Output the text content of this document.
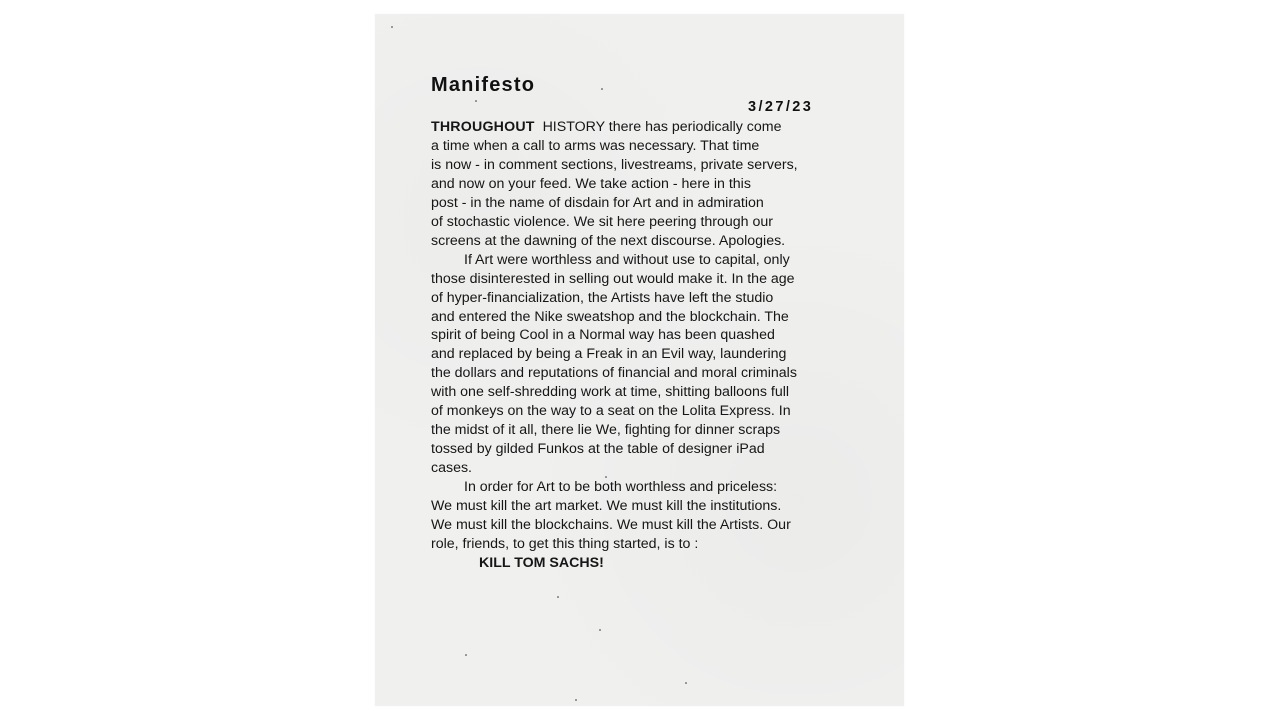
Manifesto
3/27/23
THROUGHOUT HISTORY there has periodically come
a time when a call to arms was necessary. That time
is now - in comment sections, livestreams, private servers,
and now on your feed. We take action - here in this
post - in the name of disdain for Art and in admiration
of stochastic violence. We sit here peering through our
screens at the dawning of the next discourse. Apologies.
If Art were worthless and without use to capital, only
those disinterested in selling out would make it. In the age
of hyper-financialization, the Artists have left the studio
and entered the Nike sweatshop and the blockchain. The
spirit of being Cool in a Normal way has been quashed
and replaced by being a Freak in an Evil way, laundering
the dollars and reputations of financial and moral criminals
with one self-shredding work at time, shitting balloons full
of monkeys on the way to a seat on the Lolita Express. In
the midst of it all, there lie We, fighting for dinner scraps
tossed by gilded Funkos at the table of designer iPad
cases.
In order for Art to be both worthless and priceless:
We must kill the art market. We must kill the institutions.
We must kill the blockchains. We must kill the Artists. Our
role, friends, to get this thing started, is to :
KILL TOM SACHS!
